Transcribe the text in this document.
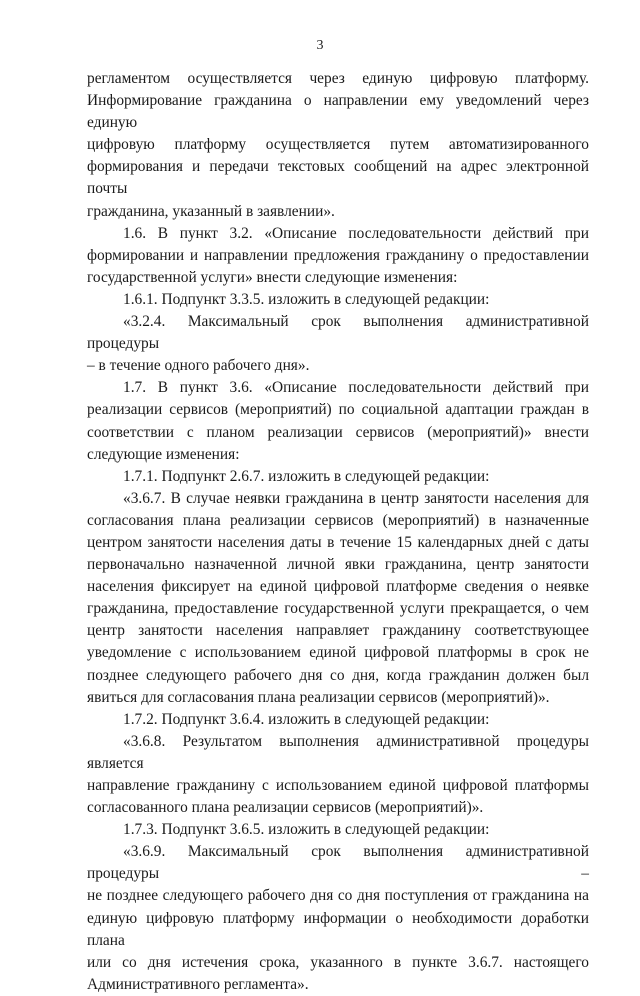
3

регламентом осуществляется через единую цифровую платформу.

Информирование гражданина о направлении ему уведомлений через единую

цифровую платформу осуществляется путем автоматизированного

формирования и передачи текстовых сообщений на адрес электронной почты

гражданина, указанный в заявлении».

1.6. В пункт 3.2. «Описание последовательности действий при

формировании и направлении предложения гражданину о предоставлении

государственной услуги» внести следующие изменения:

1.6.1. Подпункт 3.3.5. изложить в следующей редакции:

«3.2.4. Максимальный срок выполнения административной процедуры

– в течение одного рабочего дня».

1.7. В пункт 3.6. «Описание последовательности действий при

реализации сервисов (мероприятий) по социальной адаптации граждан в

соответствии с планом реализации сервисов (мероприятий)» внести

следующие изменения:

1.7.1. Подпункт 2.6.7. изложить в следующей редакции:

«3.6.7. В случае неявки гражданина в центр занятости населения для

согласования плана реализации сервисов (мероприятий) в назначенные

центром занятости населения даты в течение 15 календарных дней с даты

первоначально назначенной личной явки гражданина, центр занятости

населения фиксирует на единой цифровой платформе сведения о неявке

гражданина, предоставление государственной услуги прекращается, о чем

центр занятости населения направляет гражданину соответствующее

уведомление с использованием единой цифровой платформы в срок не

позднее следующего рабочего дня со дня, когда гражданин должен был

явиться для согласования плана реализации сервисов (мероприятий)».

1.7.2. Подпункт 3.6.4. изложить в следующей редакции:

«3.6.8. Результатом выполнения административной процедуры является

направление гражданину с использованием единой цифровой платформы

согласованного плана реализации сервисов (мероприятий)».

1.7.3. Подпункт 3.6.5. изложить в следующей редакции:

«3.6.9. Максимальный срок выполнения административной процедуры –

не позднее следующего рабочего дня со дня поступления от гражданина на

единую цифровую платформу информации о необходимости доработки плана

или со дня истечения срока, указанного в пункте 3.6.7. настоящего

Административного регламента».
